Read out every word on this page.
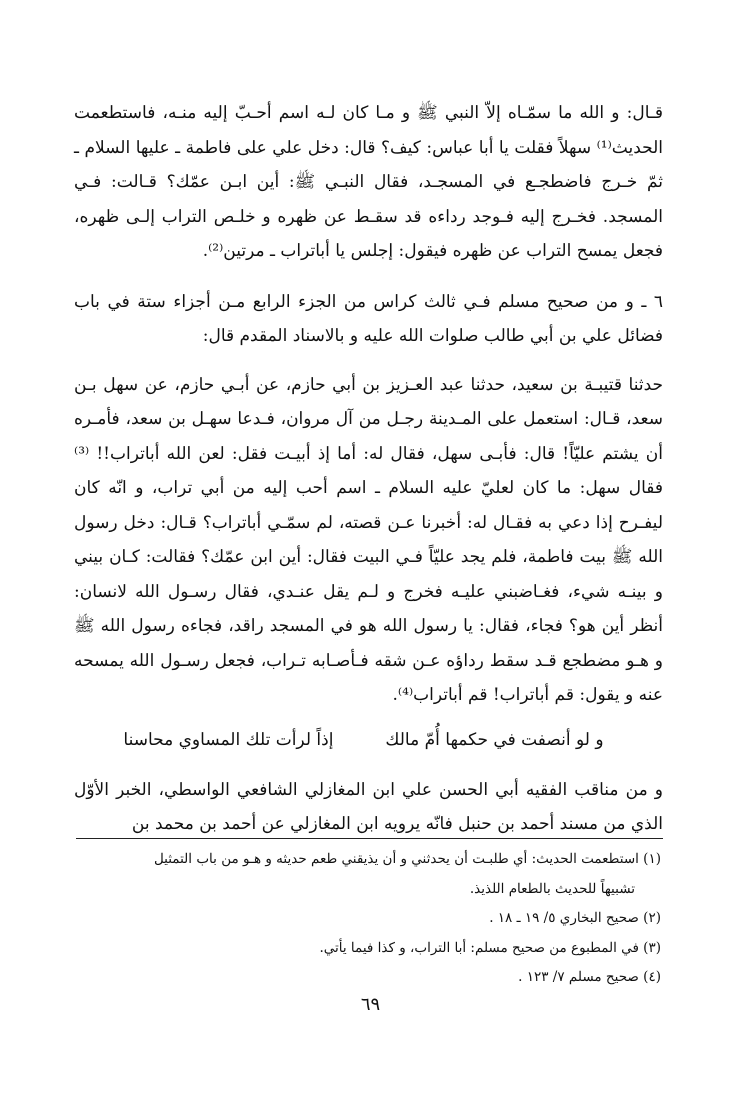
قـال: و الله ما سمّـاه إلاّ النبي ﷺ و مـا كان لـه اسم أحـبّ إليه منـه، فاستطعمت الحديث⁽¹⁾ سهلاً فقلت يا أبا عباس: كيف؟ قال: دخل علي على فاطمة ـ عليها السلام ـ ثمّ خـرج فاضطجـع في المسجـد، فقال النبـي ﷺ: أين ابـن عمّك؟ قـالت: فـي المسجد. فخـرج إليه فـوجد رداءه قد سقـط عن ظهره و خلـص التراب إلـى ظهره، فجعل يمسح التراب عن ظهره فيقول: إجلس يا أباتراب ـ مرتين⁽²⁾.

٦ ـ و من صحيح مسلم فـي ثالث كراس من الجزء الرابع مـن أجزاء ستة في باب فضائل علي بن أبي طالب صلوات الله عليه و بالاسناد المقدم قال:

حدثنا قتيبـة بن سعيد، حدثنا عبد العـزيز بن أبي حازم، عن أبـي حازم، عن سهل بـن سعد، قـال: استعمل على المـدينة رجـل من آل مروان، فـدعا سهـل بن سعد، فأمـره أن يشتم عليّاً! قال: فأبـى سهل، فقال له: أما إذ أبيـت فقل: لعن الله أباتراب!! ⁽³⁾ فقال سهل: ما كان لعليّ عليه السلام ـ اسم أحب إليه من أبي تراب، و انّه كان ليفـرح إذا دعي به فقـال له: أخبرنا عـن قصته، لم سمّـي أباتراب؟ قـال: دخل رسول الله ﷺ بيت فاطمة، فلم يجد عليّاً فـي البيت فقال: أين ابن عمّك؟ فقالت: كـان بيني و بينـه شيء، فغـاضبني عليـه فخرج و لـم يقل عنـدي، فقال رسـول الله لانسان: أنظر أين هو؟ فجاء، فقال: يا رسول الله هو في المسجد راقد، فجاءه رسول الله ﷺ و هـو مضطجع قـد سقط رداؤه عـن شقه فـأصـابه تـراب، فجعل رسـول الله يمسحه عنه و يقول: قم أباتراب! قم أباتراب⁽⁴⁾.

و لو أنصفت في حكمها أُمّ مالك
إذاً لرأت تلك المساوي محاسنا

و من مناقب الفقيه أبي الحسن علي ابن المغازلي الشافعي الواسطي، الخبر الأوّل الذي من مسند أحمد بن حنبل فانّه يرويه ابن المغازلي عن أحمد بن محمد بن

(١) استطعمت الحديث: أي طلبـت أن يحدثني و أن يذيقني طعم حديثه و هـو من باب التمثيل

تشبيهاً للحديث بالطعام اللذيذ.

(٢) صحيح البخاري ٥/ ١٩ ـ ١٨ .

(٣) في المطبوع من صحيح مسلم: أبا التراب، و كذا فيما يأتي.

(٤) صحيح مسلم ٧/ ١٢٣ .

٦٩
